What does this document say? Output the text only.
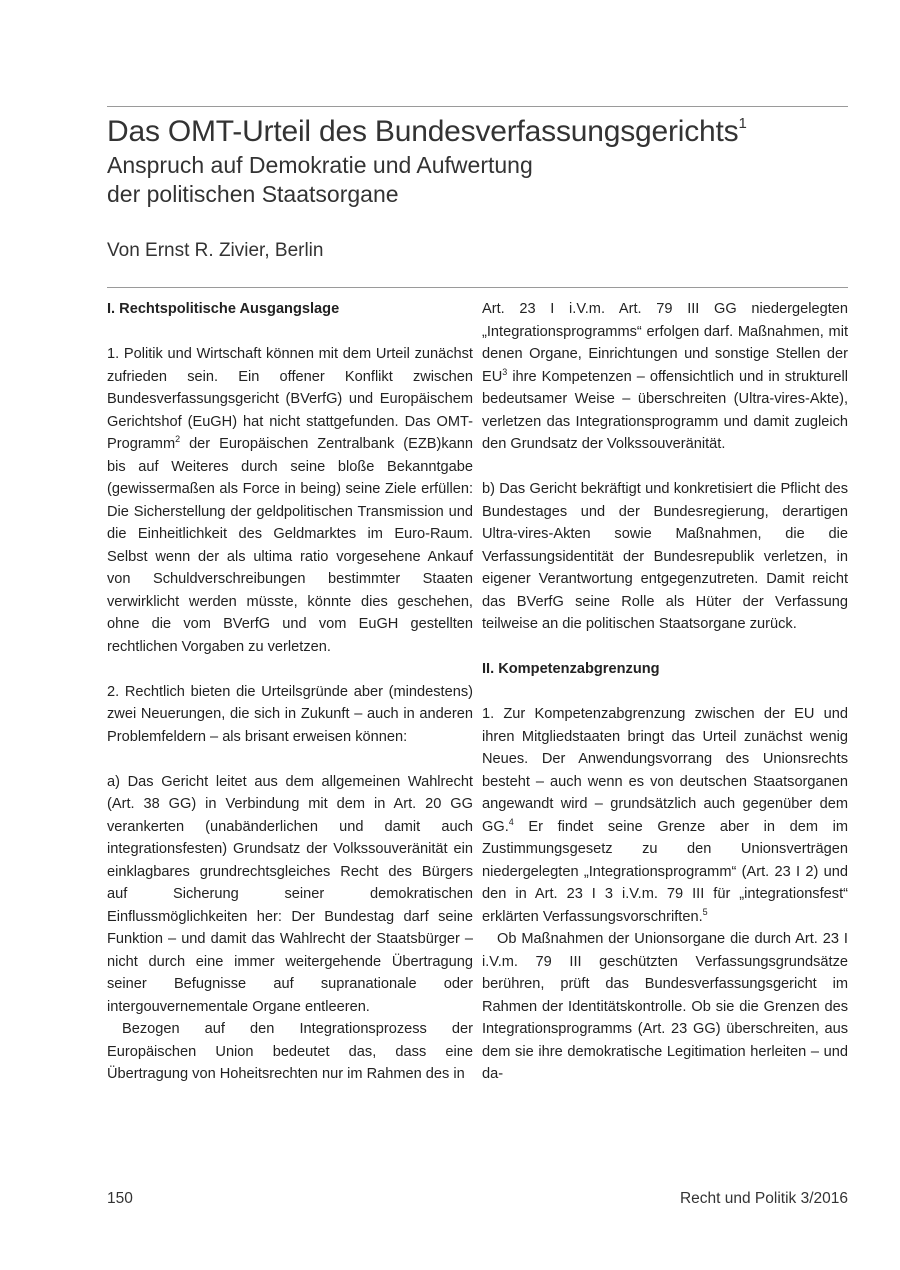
Das OMT-Urteil des Bundesverfassungsgerichts$^1$
Anspruch auf Demokratie und Aufwertung
der politischen Staatsorgane
Von Ernst R. Zivier, Berlin
I. Rechtspolitische Ausgangslage

1. Politik und Wirtschaft können mit dem Urteil zunächst zufrieden sein. Ein offener Konflikt zwischen Bundesverfassungsgericht (BVerfG) und Europäischem Gerichtshof (EuGH) hat nicht stattgefunden. Das OMT-Programm$^2$ der Europäischen Zentralbank (EZB)kann bis auf Weiteres durch seine bloße Bekanntgabe (gewissermaßen als Force in being) seine Ziele erfüllen: Die Sicherstellung der geldpolitischen Transmission und die Einheitlichkeit des Geldmarktes im Euro-Raum. Selbst wenn der als ultima ratio vorgesehene Ankauf von Schuldverschreibungen bestimmter Staaten verwirklicht werden müsste, könnte dies geschehen, ohne die vom BVerfG und vom EuGH gestellten rechtlichen Vorgaben zu verletzen.

2. Rechtlich bieten die Urteilsgründe aber (mindestens) zwei Neuerungen, die sich in Zukunft – auch in anderen Problemfeldern – als brisant erweisen können:

a) Das Gericht leitet aus dem allgemeinen Wahlrecht (Art. 38 GG) in Verbindung mit dem in Art. 20 GG verankerten (unabänderlichen und damit auch integrationsfesten) Grundsatz der Volkssouveränität ein einklagbares grundrechtsgleiches Recht des Bürgers auf Sicherung seiner demokratischen Einflussmöglichkeiten her: Der Bundestag darf seine Funktion – und damit das Wahlrecht der Staatsbürger – nicht durch eine immer weitergehende Übertragung seiner Befugnisse auf supranationale oder intergouvernementale Organe entleeren.

Bezogen auf den Integrationsprozess der Europäischen Union bedeutet das, dass eine Übertragung von Hoheitsrechten nur im Rahmen des in

Art. 23 I i.V.m. Art. 79 III GG niedergelegten „Integrationsprogramms“ erfolgen darf. Maßnahmen, mit denen Organe, Einrichtungen und sonstige Stellen der EU$^3$ ihre Kompetenzen – offensichtlich und in strukturell bedeutsamer Weise – überschreiten (Ultra-vires-Akte), verletzen das Integrationsprogramm und damit zugleich den Grundsatz der Volkssouveränität.

b) Das Gericht bekräftigt und konkretisiert die Pflicht des Bundestages und der Bundesregierung, derartigen Ultra-vires-Akten sowie Maßnahmen, die die Verfassungsidentität der Bundesrepublik verletzen, in eigener Verantwortung entgegenzutreten. Damit reicht das BVerfG seine Rolle als Hüter der Verfassung teilweise an die politischen Staatsorgane zurück.

II. Kompetenzabgrenzung

1. Zur Kompetenzabgrenzung zwischen der EU und ihren Mitgliedstaaten bringt das Urteil zunächst wenig Neues. Der Anwendungsvorrang des Unionsrechts besteht – auch wenn es von deutschen Staatsorganen angewandt wird – grundsätzlich auch gegenüber dem GG.$^4$ Er findet seine Grenze aber in dem im Zustimmungsgesetz zu den Unionsverträgen niedergelegten „Integrationsprogramm“ (Art. 23 I 2) und den in Art. 23 I 3 i.V.m. 79 III für „integrationsfest“ erklärten Verfassungsvorschriften.$^5$

Ob Maßnahmen der Unionsorgane die durch Art. 23 I i.V.m. 79 III geschützten Verfassungsgrundsätze berühren, prüft das Bundesverfassungsgericht im Rahmen der Identitätskontrolle. Ob sie die Grenzen des Integrationsprogramms (Art. 23 GG) überschreiten, aus dem sie ihre demokratische Legitimation herleiten – und da-

150	Recht und Politik 3/2016
